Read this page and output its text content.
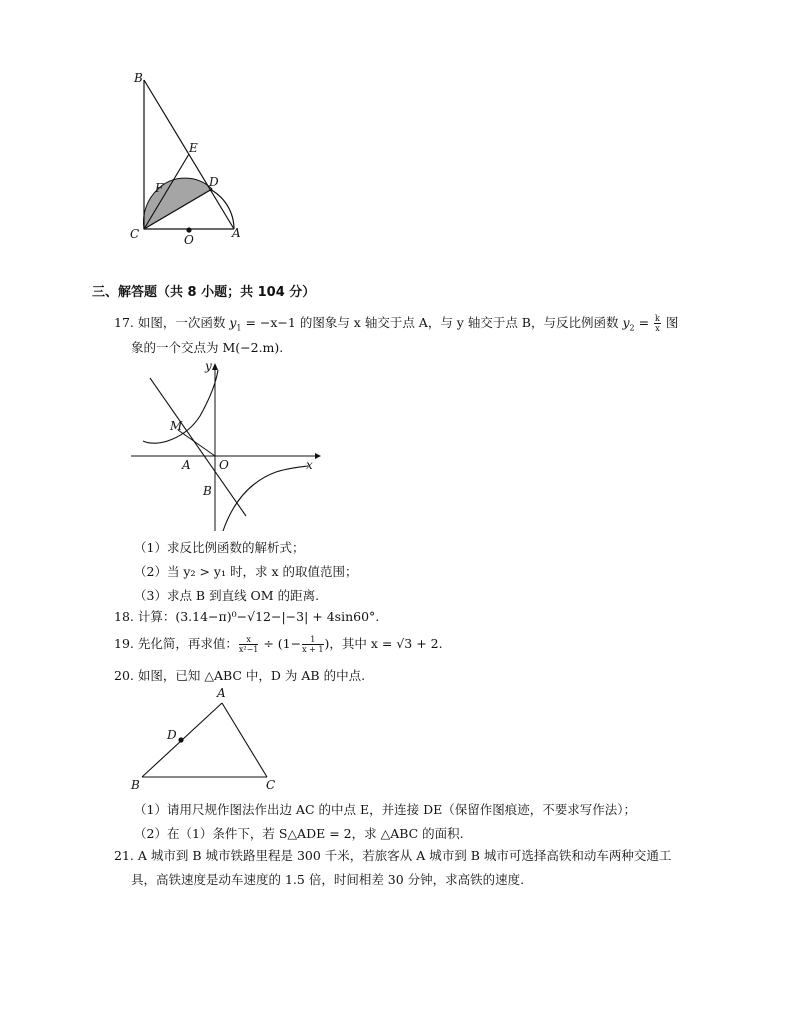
B
E
F	D
C	O	A
三、解答题（共 8 小题；共 104 分）
17. 如图，一次函数 $y_1 = -x-1$ 的图象与 x 轴交于点 A，与 y 轴交于点 B，与反比例函数 $y_2 = \frac{k}{x}$ 图
象的一个交点为 M(−2.m).
y
M
A O	x
B
（1）求反比例函数的解析式；
（2）当 y₂ > y₁ 时，求 x 的取值范围；
（3）求点 B 到直线 OM 的距离.
18. 计算：(3.14−π)⁰−√12−|−3| + 4sin60°.
19. 先化简，再求值： $\frac{x}{\text{x²−1}} \div (1- \frac{1}{x + 1}$ )，其中 x = √3 + 2.
20. 如图，已知 △ABC 中，D 为 AB 的中点.
A
D
B	C
（1）请用尺规作图法作出边 AC 的中点 E，并连接 DE（保留作图痕迹，不要求写作法）；
（2）在（1）条件下，若 S△ADE = 2，求 △ABC 的面积.
21. A 城市到 B 城市铁路里程是 300 千米，若旅客从 A 城市到 B 城市可选择高铁和动车两种交通工
具，高铁速度是动车速度的 1.5 倍，时间相差 30 分钟，求高铁的速度.
